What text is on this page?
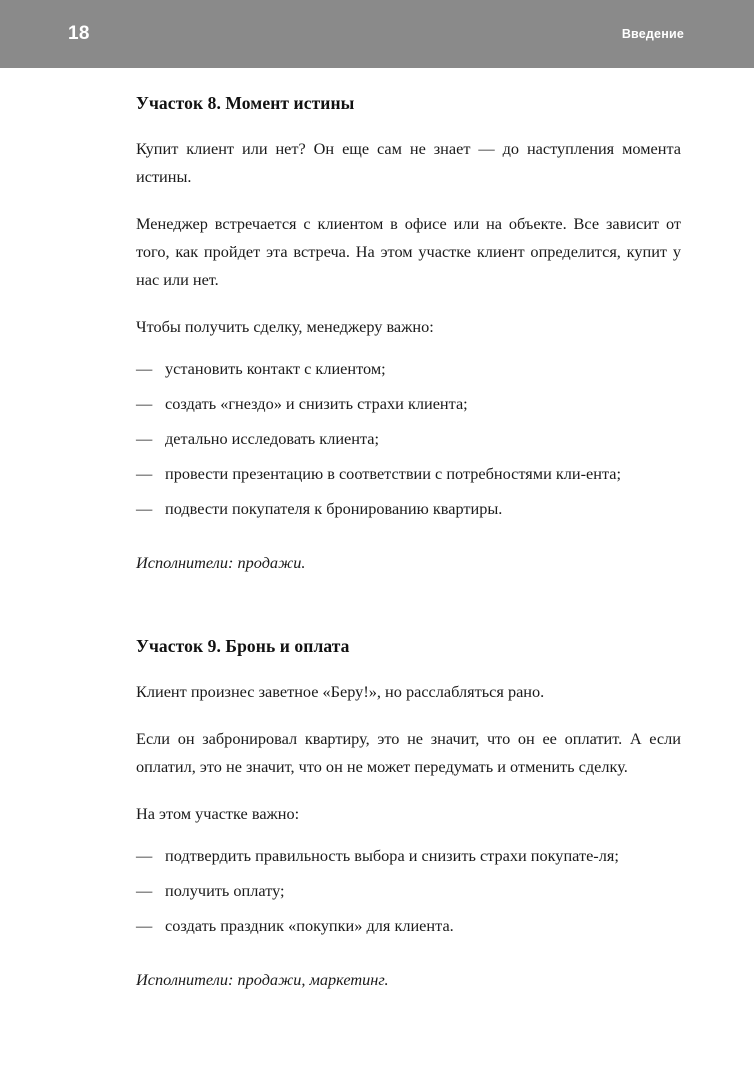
18	Введение
Участок 8. Момент истины

Купит клиент или нет? Он еще сам не знает — до наступления момента истины.

Менеджер встречается с клиентом в офисе или на объекте. Все зависит от того, как пройдет эта встреча. На этом участке клиент определится, купит у нас или нет.

Чтобы получить сделку, менеджеру важно:

— установить контакт с клиентом;
— создать «гнездо» и снизить страхи клиента;
— детально исследовать клиента;
— провести презентацию в соответствии с потребностями кли-ента;
— подвести покупателя к бронированию квартиры.

Исполнители: продажи.

Участок 9. Бронь и оплата

Клиент произнес заветное «Беру!», но расслабляться рано.

Если он забронировал квартиру, это не значит, что он ее оплатит. А если оплатил, это не значит, что он не может передумать и отменить сделку.

На этом участке важно:

— подтвердить правильность выбора и снизить страхи покупате-ля;
— получить оплату;
— создать праздник «покупки» для клиента.

Исполнители: продажи, маркетинг.
